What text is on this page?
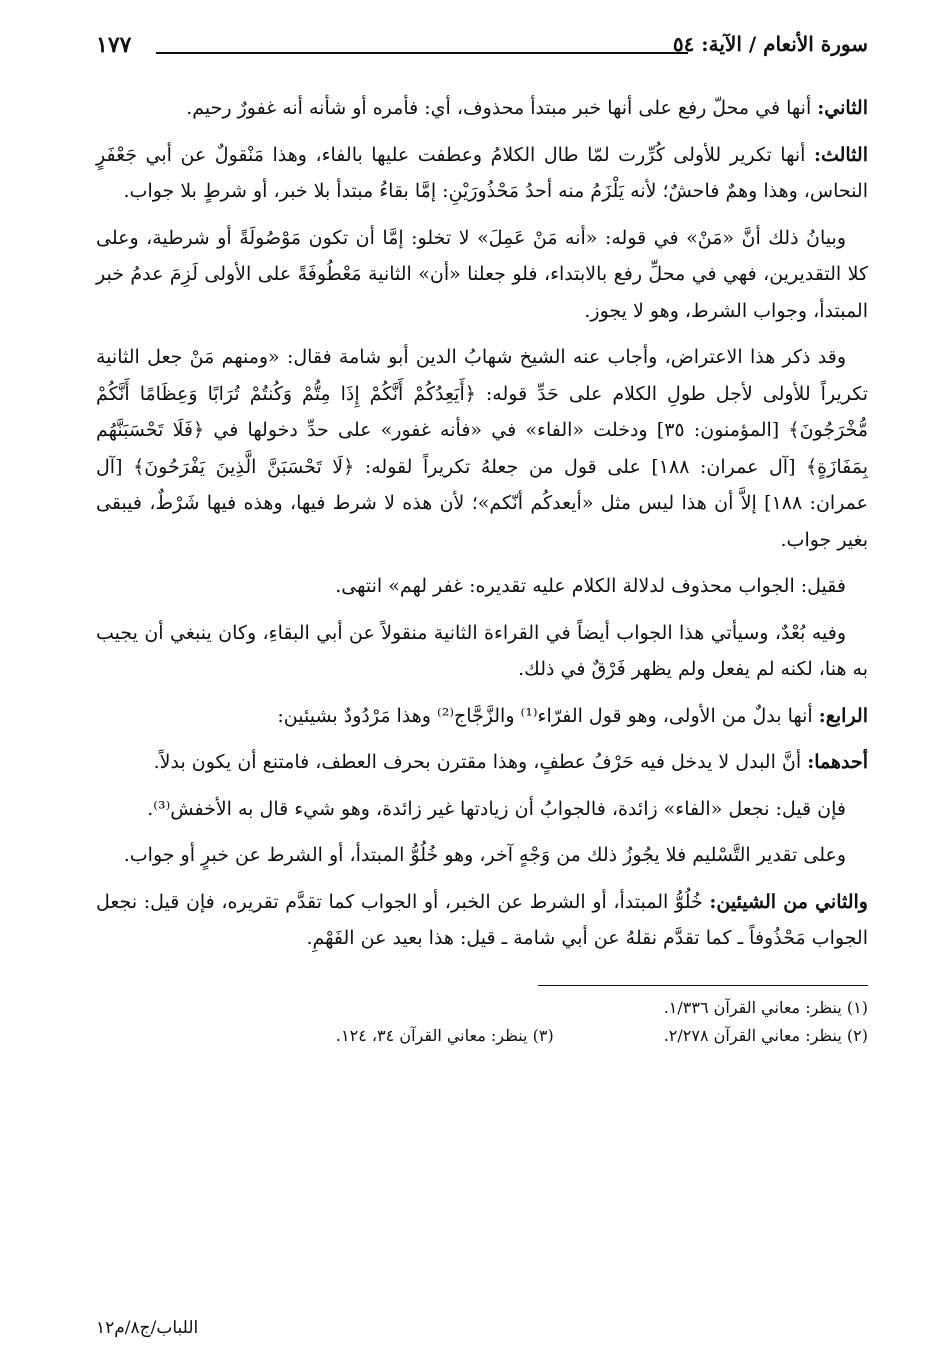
سورة الأنعام / الآية: ٥٤
١٧٧

الثاني: أنها في محلّ رفع على أنها خبر مبتدأ محذوف، أي: فأمره أو شأنه أنه غفورٌ رحيم.

الثالث: أنها تكرير للأولى كُرِّرت لمّا طال الكلامُ وعطفت عليها بالفاء، وهذا مَنْقولٌ عن أبي جَعْفَرٍ النحاس، وهذا وهمٌ فاحشٌ؛ لأنه يَلْزَمُ منه أحدُ مَحْذُورَيْنِ: إمَّا بقاءُ مبتدأ بلا خبر، أو شرطٍ بلا جواب.

وبيانُ ذلك أنَّ «مَنْ» في قوله: «أنه مَنْ عَمِلَ» لا تخلو: إمَّا أن تكون مَوْصُولَةً أو شرطية، وعلى كلا التقديرين، فهي في محلِّ رفع بالابتداء، فلو جعلنا «أن» الثانية مَعْطُوفَةً على الأولى لَزِمَ عدمُ خبر المبتدأ، وجواب الشرط، وهو لا يجوز.

وقد ذكر هذا الاعتراض، وأجاب عنه الشيخ شهابُ الدين أبو شامة فقال: «ومنهم مَنْ جعل الثانية تكريراً للأولى لأجل طولِ الكلام على حَدِّ قوله: ﴿أَيَعِدُكُمْ أَنَّكُمْ إِذَا مِتُّمْ وَكُنتُمْ تُرَابًا وَعِظَامًا أَنَّكُمْ مُّخْرَجُونَ﴾ [المؤمنون: ٣٥] ودخلت «الفاء» في «فأنه غفور» على حدِّ دخولها في ﴿فَلَا تَحْسَبَنَّهُم بِمَفَازَةٍ﴾ [آل عمران: ١٨٨] على قول من جعلهُ تكريراً لقوله: ﴿لَا تَحْسَبَنَّ الَّذِينَ يَفْرَحُونَ﴾ [آل عمران: ١٨٨] إلاَّ أن هذا ليس مثل «أيعدكُم أنّكم»؛ لأن هذه لا شرط فيها، وهذه فيها شَرْطٌ، فيبقى بغير جواب.

فقيل: الجواب محذوف لدلالة الكلام عليه تقديره: غفر لهم» انتهى.

وفيه بُعْدٌ، وسيأتي هذا الجواب أيضاً في القراءة الثانية منقولاً عن أبي البقاءِ، وكان ينبغي أن يجيب به هنا، لكنه لم يفعل ولم يظهر فَرْقٌ في ذلك.

الرابع: أنها بدلٌ من الأولى، وهو قول الفرّاء⁽¹⁾ والزَّجَّاج⁽²⁾ وهذا مَرْدُودٌ بشيئين:

أحدهما: أنَّ البدل لا يدخل فيه حَرْفُ عطفٍ، وهذا مقترن بحرف العطف، فامتنع أن يكون بدلاً.

فإن قيل: نجعل «الفاء» زائدة، فالجوابُ أن زيادتها غير زائدة، وهو شيء قال به الأخفش⁽³⁾.

وعلى تقدير التَّسْليم فلا يجُوزُ ذلك من وَجْهٍ آخر، وهو خُلُوُّ المبتدأ، أو الشرط عن خبرٍ أو جواب.

والثاني من الشيئين: خُلُوُّ المبتدأ، أو الشرط عن الخبر، أو الجواب كما تقدَّم تقريره، فإن قيل: نجعل الجواب مَحْذُوفاً ـ كما تقدَّم نقلهُ عن أبي شامة ـ قيل: هذا بعيد عن الفَهْمِ.

(١) ينظر: معاني القرآن ١/٣٣٦.
(٢) ينظر: معاني القرآن ٢/٢٧٨.
(٣) ينظر: معاني القرآن ٣٤، ١٢٤.
اللباب/ج٨/م١٢
